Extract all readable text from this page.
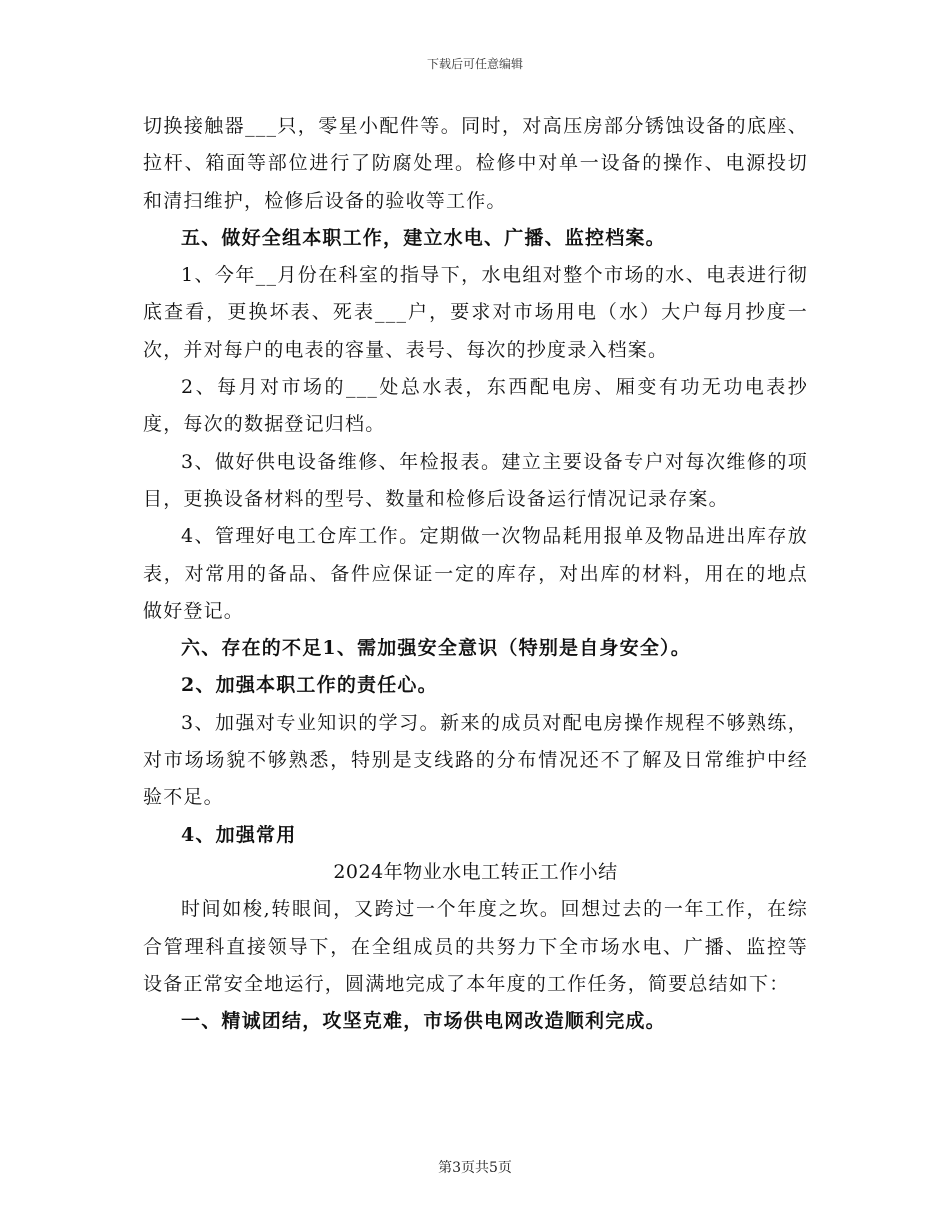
下载后可任意编辑

切换接触器___只，零星小配件等。同时，对高压房部分锈蚀设备的底座、拉杆、箱面等部位进行了防腐处理。检修中对单一设备的操作、电源投切和清扫维护，检修后设备的验收等工作。

五、做好全组本职工作，建立水电、广播、监控档案。

1、今年__月份在科室的指导下，水电组对整个市场的水、电表进行彻底查看，更换坏表、死表___户，要求对市场用电（水）大户每月抄度一次，并对每户的电表的容量、表号、每次的抄度录入档案。

2、每月对市场的___处总水表，东西配电房、厢变有功无功电表抄度，每次的数据登记归档。

3、做好供电设备维修、年检报表。建立主要设备专户对每次维修的项目，更换设备材料的型号、数量和检修后设备运行情况记录存案。

4、管理好电工仓库工作。定期做一次物品耗用报单及物品进出库存放表，对常用的备品、备件应保证一定的库存，对出库的材料，用在的地点做好登记。

六、存在的不足1、需加强安全意识（特别是自身安全）。

2、加强本职工作的责任心。

3、加强对专业知识的学习。新来的成员对配电房操作规程不够熟练，对市场场貌不够熟悉，特别是支线路的分布情况还不了解及日常维护中经验不足。

4、加强常用

2024年物业水电工转正工作小结

时间如梭,转眼间，又跨过一个年度之坎。回想过去的一年工作，在综合管理科直接领导下，在全组成员的共努力下全市场水电、广播、监控等设备正常安全地运行，圆满地完成了本年度的工作任务，简要总结如下：

一、精诚团结，攻坚克难，市场供电网改造顺利完成。

第3页共5页
